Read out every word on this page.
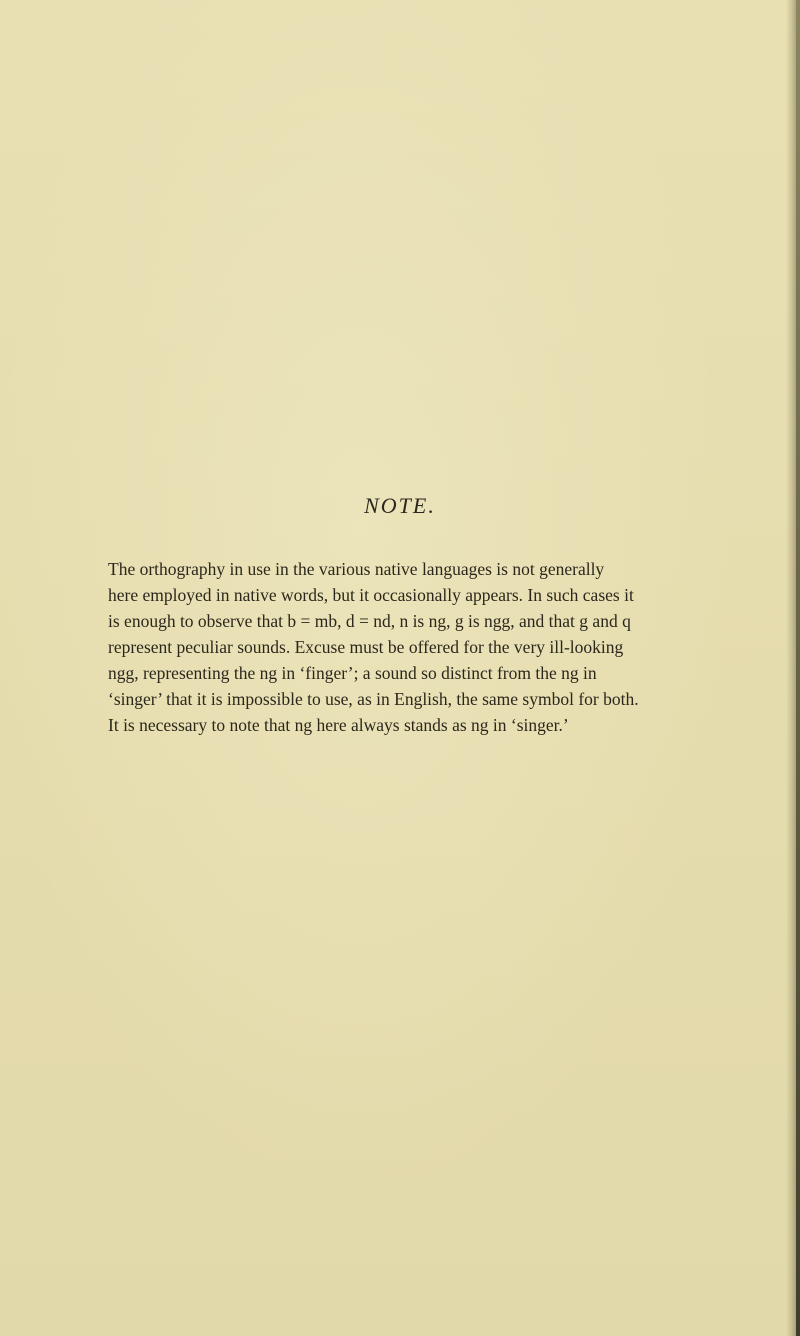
NOTE.
The orthography in use in the various native languages is not generally
here employed in native words, but it occasionally appears. In such cases it
is enough to observe that b = mb, d = nd, n is ng, g is ngg, and that g and q
represent peculiar sounds. Excuse must be offered for the very ill-looking
ngg, representing the ng in ‘finger’; a sound so distinct from the ng in
‘singer’ that it is impossible to use, as in English, the same symbol for both.
It is necessary to note that ng here always stands as ng in ‘singer.’
